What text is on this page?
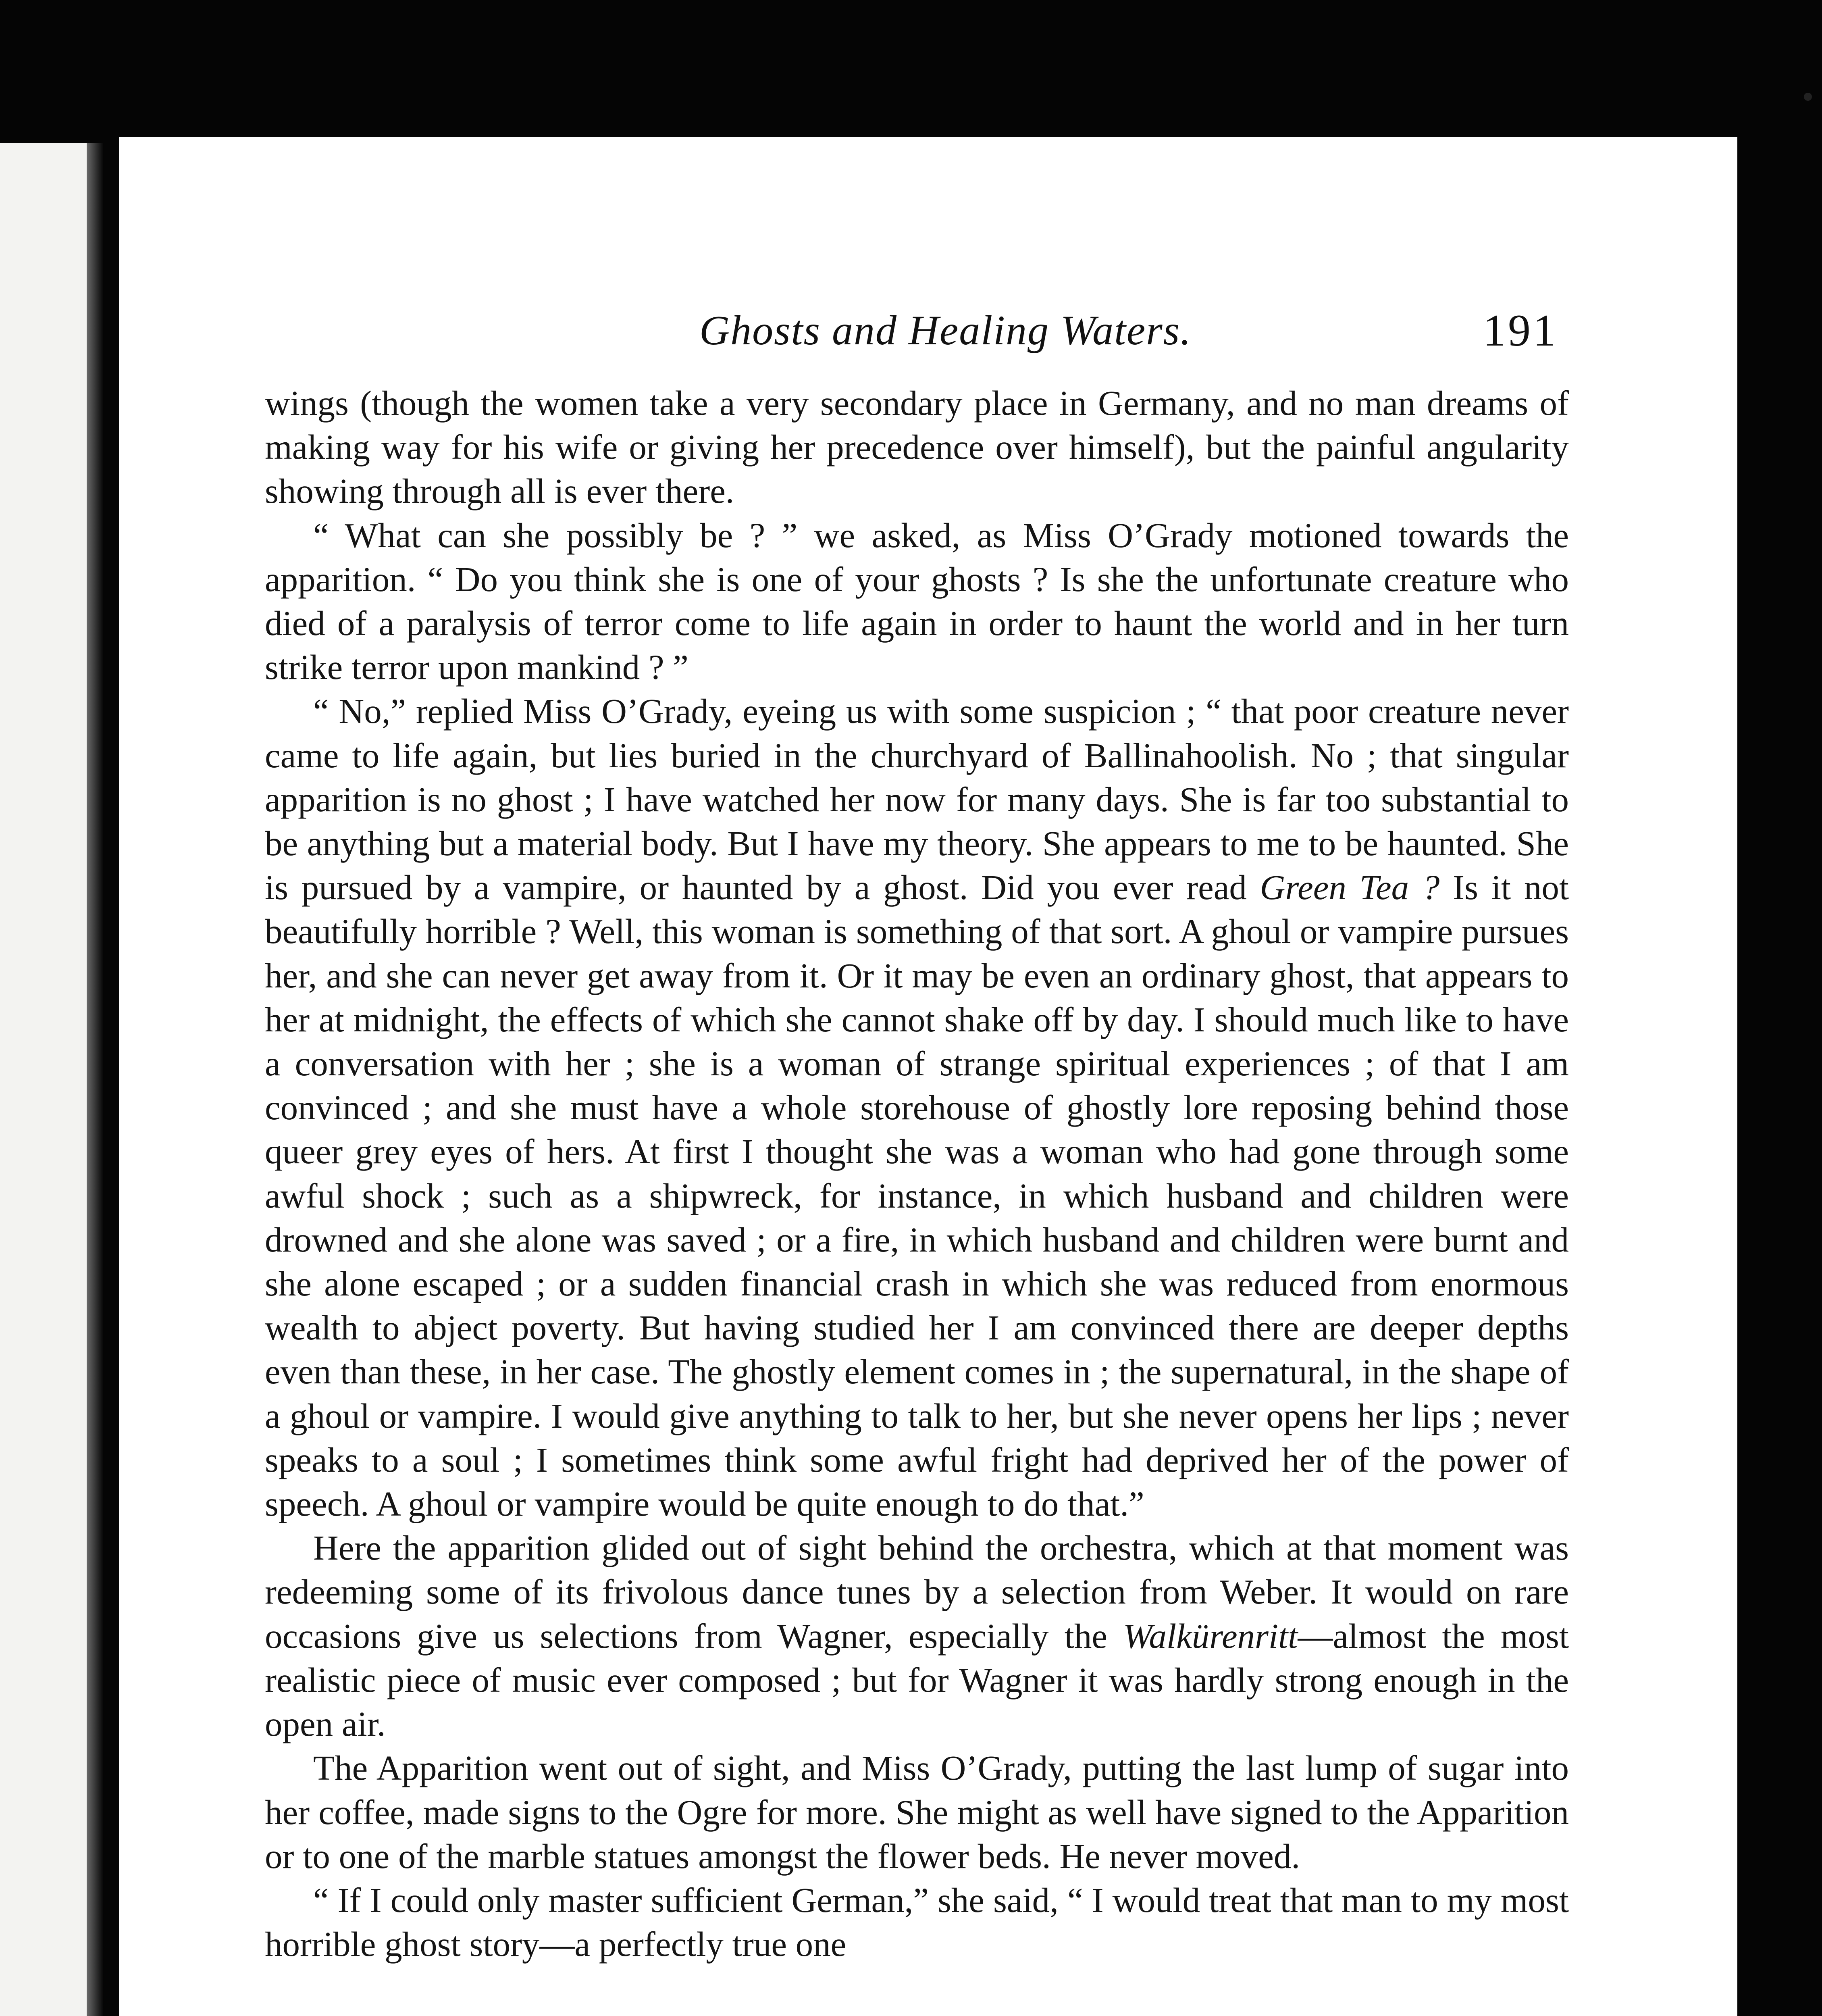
Ghosts and Healing Waters.	191

wings (though the women take a very secondary place in Germany, and no man dreams of making way for his wife or giving her precedence over himself), but the painful angularity showing through all is ever there.

“ What can she possibly be ? ” we asked, as Miss O’Grady motioned towards the apparition. “ Do you think she is one of your ghosts ? Is she the unfortunate creature who died of a paralysis of terror come to life again in order to haunt the world and in her turn strike terror upon mankind ? ”

“ No,” replied Miss O’Grady, eyeing us with some suspicion ; “ that poor creature never came to life again, but lies buried in the churchyard of Ballinahoolish. No ; that singular apparition is no ghost ; I have watched her now for many days. She is far too substantial to be anything but a material body. But I have my theory. She appears to me to be haunted. She is pursued by a vampire, or haunted by a ghost. Did you ever read Green Tea ? Is it not beautifully horrible ? Well, this woman is something of that sort. A ghoul or vampire pursues her, and she can never get away from it. Or it may be even an ordinary ghost, that appears to her at midnight, the effects of which she cannot shake off by day. I should much like to have a conversation with her ; she is a woman of strange spiritual experiences ; of that I am convinced ; and she must have a whole storehouse of ghostly lore reposing behind those queer grey eyes of hers. At first I thought she was a woman who had gone through some awful shock ; such as a shipwreck, for instance, in which husband and children were drowned and she alone was saved ; or a fire, in which husband and children were burnt and she alone escaped ; or a sudden financial crash in which she was reduced from enormous wealth to abject poverty. But having studied her I am convinced there are deeper depths even than these, in her case. The ghostly element comes in ; the supernatural, in the shape of a ghoul or vampire. I would give anything to talk to her, but she never opens her lips ; never speaks to a soul ; I sometimes think some awful fright had deprived her of the power of speech. A ghoul or vampire would be quite enough to do that.”

Here the apparition glided out of sight behind the orchestra, which at that moment was redeeming some of its frivolous dance tunes by a selection from Weber. It would on rare occasions give us selections from Wagner, especially the Walkürenritt—almost the most realistic piece of music ever composed ; but for Wagner it was hardly strong enough in the open air.

The Apparition went out of sight, and Miss O’Grady, putting the last lump of sugar into her coffee, made signs to the Ogre for more. She might as well have signed to the Apparition or to one of the marble statues amongst the flower beds. He never moved.

“ If I could only master sufficient German,” she said, “ I would treat that man to my most horrible ghost story—a perfectly true one
